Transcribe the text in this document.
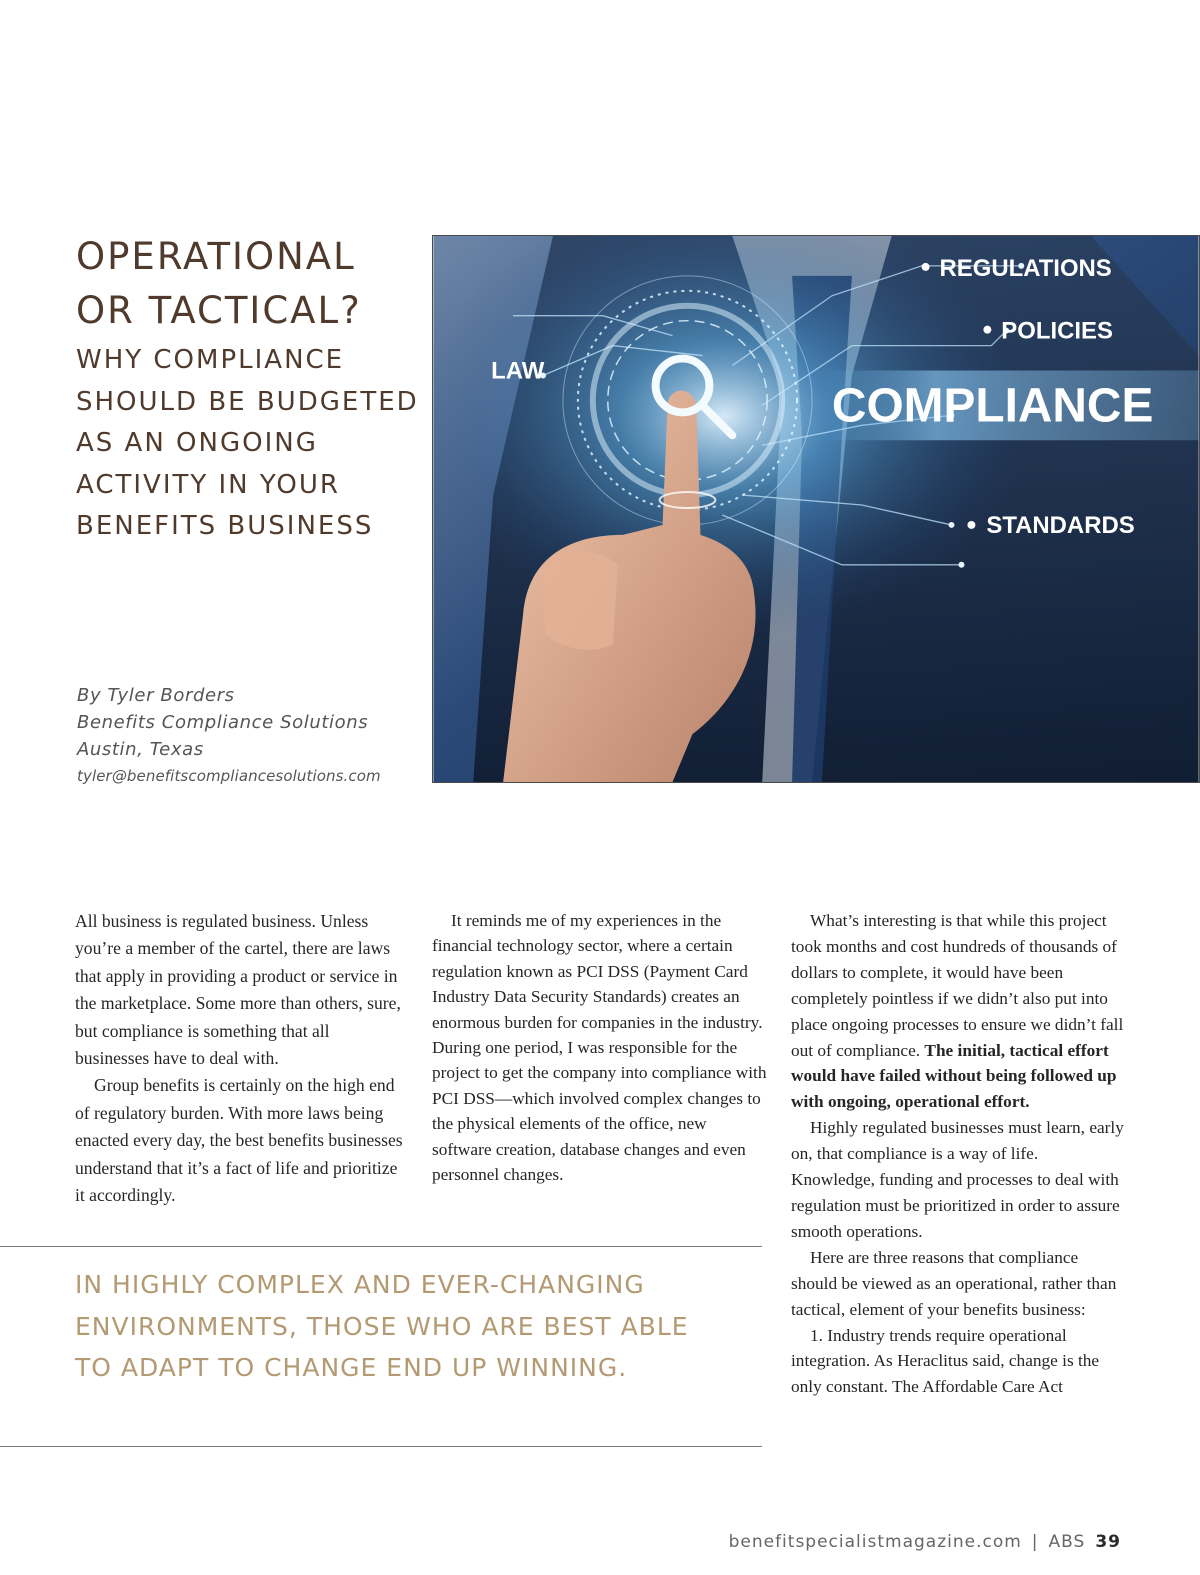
OPERATIONAL OR TACTICAL?
WHY COMPLIANCE SHOULD BE BUDGETED AS AN ONGOING ACTIVITY IN YOUR BENEFITS BUSINESS
By Tyler Borders
Benefits Compliance Solutions
Austin, Texas
tyler@benefitscompliancesolutions.com
LAW
REGULATIONS
POLICIES
COMPLIANCE
STANDARDS

All business is regulated business. Unless you’re a member of the cartel, there are laws that apply in providing a product or service in the marketplace. Some more than others, sure, but compliance is something that all businesses have to deal with.

Group benefits is certainly on the high end of regulatory burden. With more laws being enacted every day, the best benefits businesses understand that it’s a fact of life and prioritize it accordingly.

It reminds me of my experiences in the financial technology sector, where a certain regulation known as PCI DSS (Payment Card Industry Data Security Standards) creates an enormous burden for companies in the industry. During one period, I was responsible for the project to get the company into compliance with PCI DSS—which involved complex changes to the physical elements of the office, new software creation, database changes and even personnel changes.

What’s interesting is that while this project took months and cost hundreds of thousands of dollars to complete, it would have been completely pointless if we didn’t also put into place ongoing processes to ensure we didn’t fall out of compliance. The initial, tactical effort would have failed without being followed up with ongoing, operational effort.

Highly regulated businesses must learn, early on, that compliance is a way of life. Knowledge, funding and processes to deal with regulation must be prioritized in order to assure smooth operations.

Here are three reasons that compliance should be viewed as an operational, rather than tactical, element of your benefits business:

1. Industry trends require operational integration. As Heraclitus said, change is the only constant. The Affordable Care Act

IN HIGHLY COMPLEX AND EVER-CHANGING ENVIRONMENTS, THOSE WHO ARE BEST ABLE TO ADAPT TO CHANGE END UP WINNING.

benefitspecialistmagazine.com | ABS 39
